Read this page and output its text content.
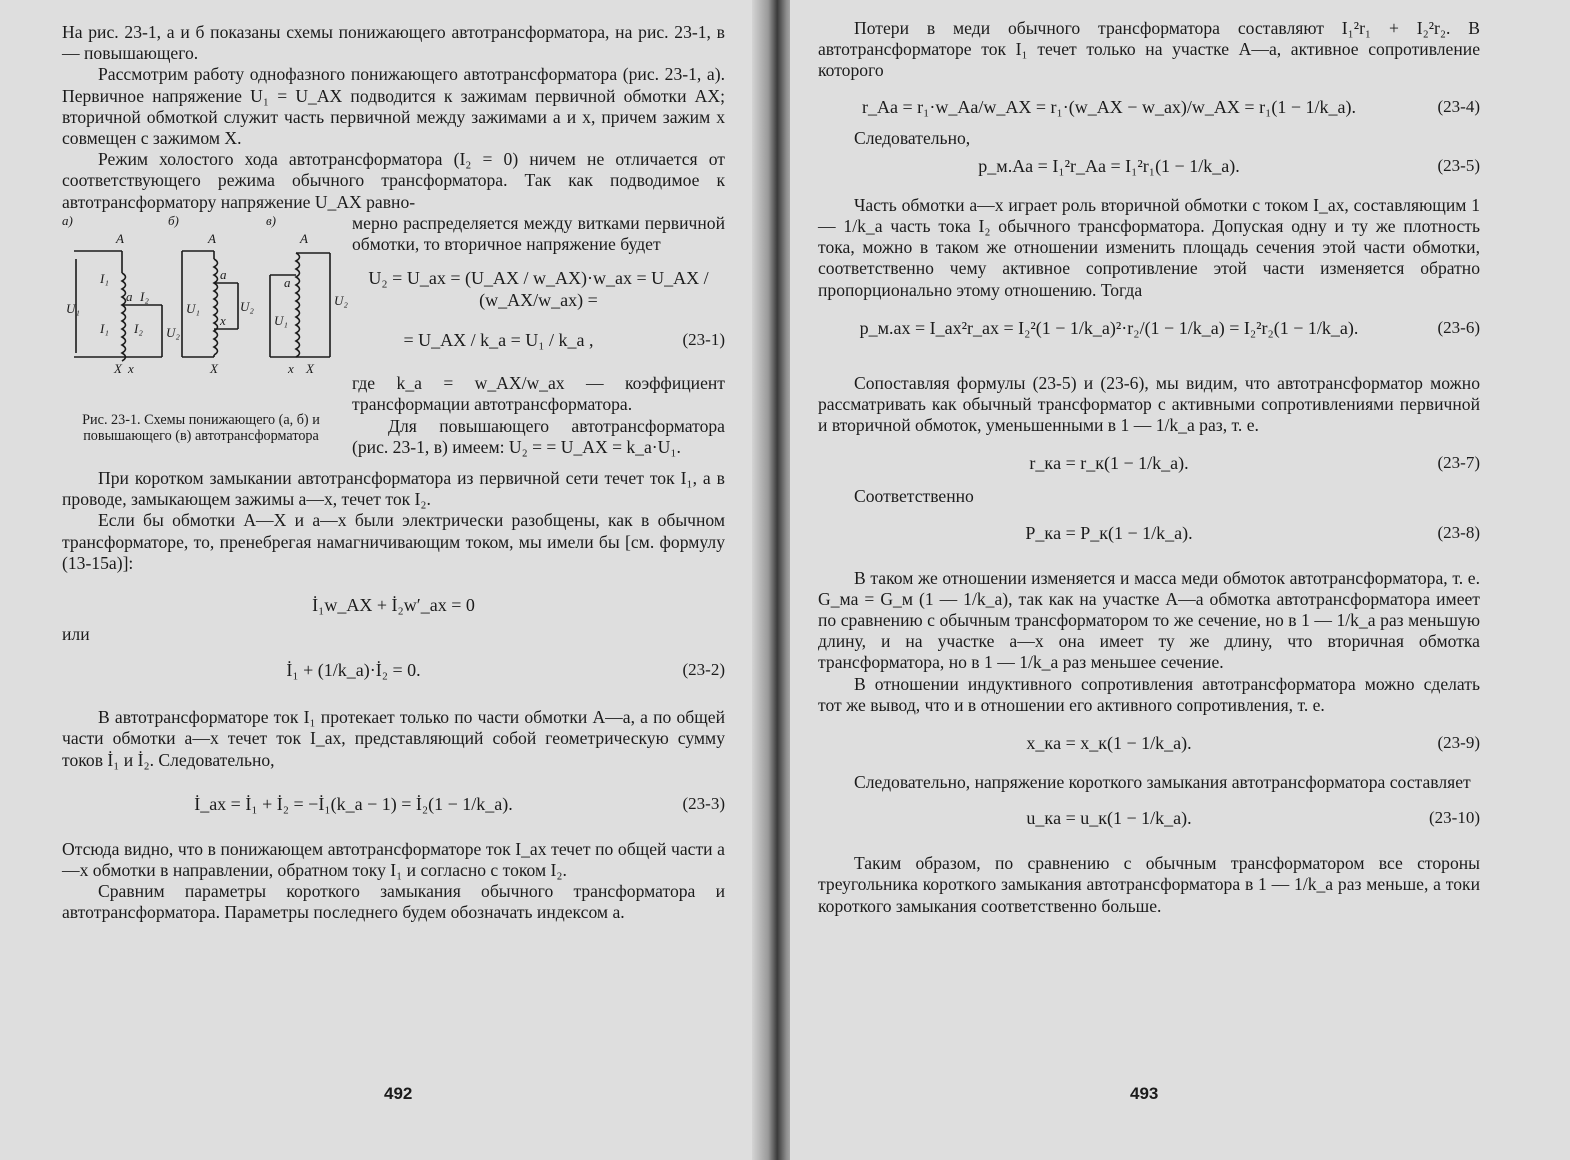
На рис. 23-1, а и б показаны схемы понижающего автотрансформатора, на рис. 23-1, в — повышающего.

Рассмотрим работу однофазного понижающего автотрансформатора (рис. 23-1, а). Первичное напряжение U₁ = U_AX подводится к зажимам первичной обмотки AX; вторичной обмоткой служит часть первичной между зажимами a и x, причем зажим x совмещен с зажимом X.

Режим холостого хода автотрансформатора (I₂ = 0) ничем не отличается от соответствующего режима обычного трансформатора. Так как подводимое к автотрансформатору напряжение U_AX равно-

а)	б)	в)
A	A	A
a
a
a
X x	X
x
x X
I₁
I₁
I₂
I₂
U₁
U₂
U₁	U₂
U₁
U₂
Рис. 23-1. Схемы понижающего (а, б) и повышающего (в) автотрансформатора

мерно распределяется между витками первичной обмотки, то вторичное напряжение будет

U₂ = U_ax = (U_AX / w_AX)·w_ax = U_AX / (w_AX/w_ax) =
= U_AX / k_a = U₁ / k_a ,	(23-1)

где k_a = w_AX/w_ax — коэффициент трансформации автотрансформатора.

Для повышающего автотрансформатора (рис. 23-1, в) имеем: U₂ = = U_AX = k_a·U₁.

При коротком замыкании автотрансформатора из первичной сети течет ток I₁, а в проводе, замыкающем зажимы a—x, течет ток I₂.

Если бы обмотки A—X и a—x были электрически разобщены, как в обычном трансформаторе, то, пренебрегая намагничивающим током, мы имели бы [см. формулу (13-15а)]:

İ₁w_AX + İ₂w′_ax = 0

или

İ₁ + (1/k_a)·İ₂ = 0.	(23-2)

В автотрансформаторе ток I₁ протекает только по части обмотки A—a, а по общей части обмотки a—x течет ток I_ax, представляющий собой геометрическую сумму токов İ₁ и İ₂. Следовательно,

İ_ax = İ₁ + İ₂ = −İ₁(k_a − 1) = İ₂(1 − 1/k_a).	(23-3)

Отсюда видно, что в понижающем автотрансформаторе ток I_ax течет по общей части a—x обмотки в направлении, обратном току I₁ и согласно с током I₂.

Сравним параметры короткого замыкания обычного трансформатора и автотрансформатора. Параметры последнего будем обозначать индексом a.

492

Потери в меди обычного трансформатора составляют I₁²r₁ + I₂²r₂. В автотрансформаторе ток I₁ течет только на участке A—a, активное сопротивление которого

r_Aa = r₁·w_Aa/w_AX = r₁·(w_AX − w_ax)/w_AX = r₁(1 − 1/k_a).	(23-4)

Следовательно,

p_м.Aa = I₁²r_Aa = I₁²r₁(1 − 1/k_a).	(23-5)

Часть обмотки a—x играет роль вторичной обмотки с током I_ax, составляющим 1 — 1/k_a часть тока I₂ обычного трансформатора. Допуская одну и ту же плотность тока, можно в таком же отношении изменить площадь сечения этой части обмотки, соответственно чему активное сопротивление этой части изменяется обратно пропорционально этому отношению. Тогда

p_м.ax = I_ax²r_ax = I₂²(1 − 1/k_a)²·r₂/(1 − 1/k_a) = I₂²r₂(1 − 1/k_a).	(23-6)

Сопоставляя формулы (23-5) и (23-6), мы видим, что автотрансформатор можно рассматривать как обычный трансформатор с активными сопротивлениями первичной и вторичной обмоток, уменьшенными в 1 — 1/k_a раз, т. е.

r_кa = r_к(1 − 1/k_a).	(23-7)

Соответственно

P_кa = P_к(1 − 1/k_a).	(23-8)

В таком же отношении изменяется и масса меди обмоток автотрансформатора, т. е. G_мa = G_м (1 — 1/k_a), так как на участке A—a обмотка автотрансформатора имеет по сравнению с обычным трансформатором то же сечение, но в 1 — 1/k_a раз меньшую длину, и на участке a—x она имеет ту же длину, что вторичная обмотка трансформатора, но в 1 — 1/k_a раз меньшее сечение.

В отношении индуктивного сопротивления автотрансформатора можно сделать тот же вывод, что и в отношении его активного сопротивления, т. е.

x_кa = x_к(1 − 1/k_a).	(23-9)

Следовательно, напряжение короткого замыкания автотрансформатора составляет

u_кa = u_к(1 − 1/k_a).	(23-10)

Таким образом, по сравнению с обычным трансформатором все стороны треугольника короткого замыкания автотрансформатора в 1 — 1/k_a раз меньше, а токи короткого замыкания соответственно больше.

493
